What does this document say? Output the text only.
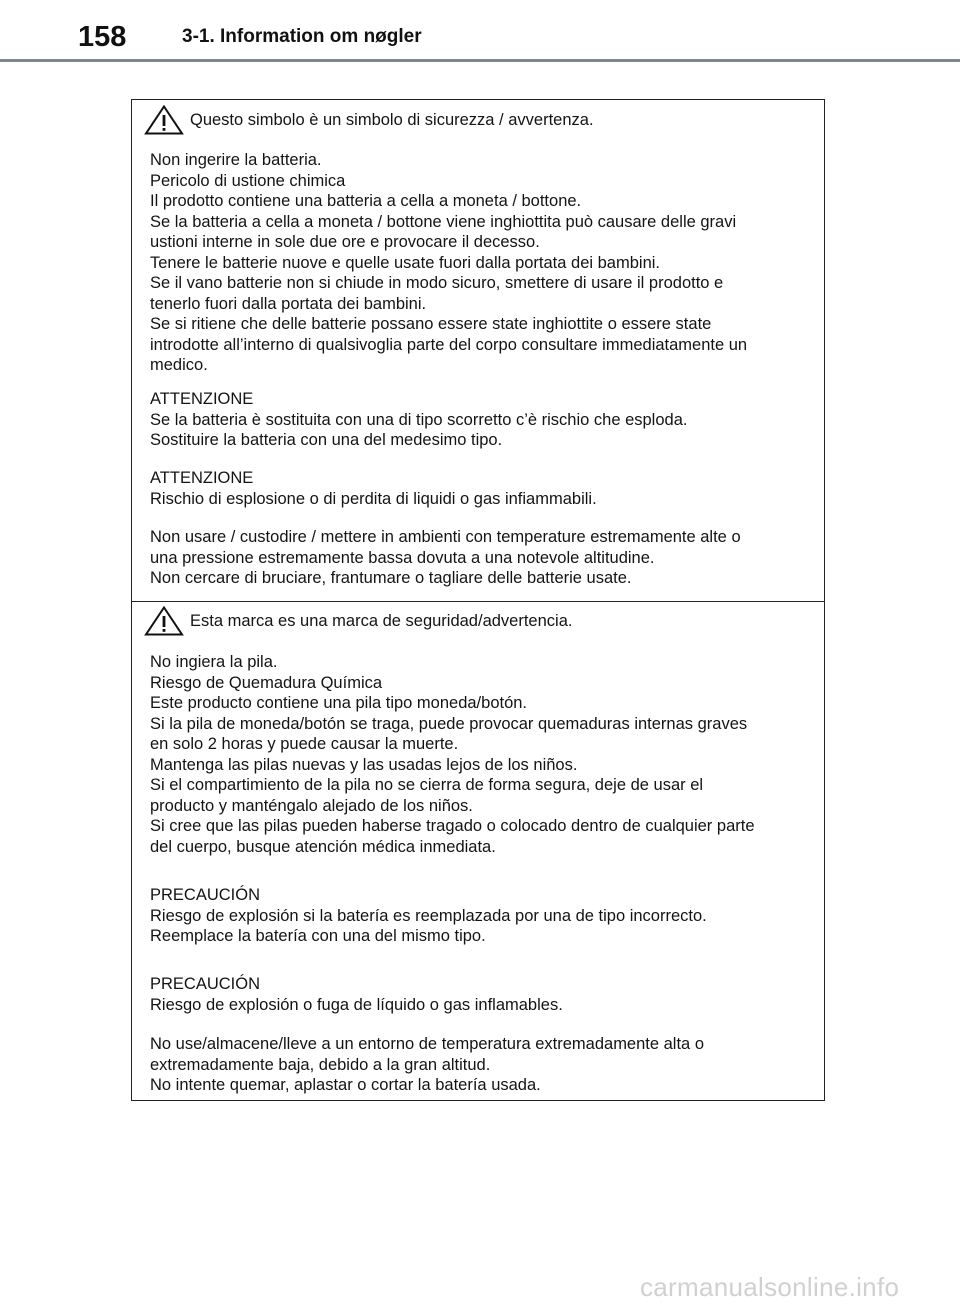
158	3-1. Information om nøgler
Questo simbolo è un simbolo di sicurezza / avvertenza.

Non ingerire la batteria.
Pericolo di ustione chimica
Il prodotto contiene una batteria a cella a moneta / bottone.
Se la batteria a cella a moneta / bottone viene inghiottita può causare delle gravi
ustioni interne in sole due ore e provocare il decesso.
Tenere le batterie nuove e quelle usate fuori dalla portata dei bambini.
Se il vano batterie non si chiude in modo sicuro, smettere di usare il prodotto e
tenerlo fuori dalla portata dei bambini.
Se si ritiene che delle batterie possano essere state inghiottite o essere state
introdotte all’interno di qualsivoglia parte del corpo consultare immediatamente un
medico.

ATTENZIONE
Se la batteria è sostituita con una di tipo scorretto c’è rischio che esploda.
Sostituire la batteria con una del medesimo tipo.

ATTENZIONE
Rischio di esplosione o di perdita di liquidi o gas infiammabili.

Non usare / custodire / mettere in ambienti con temperature estremamente alte o
una pressione estremamente bassa dovuta a una notevole altitudine.
Non cercare di bruciare, frantumare o tagliare delle batterie usate.

Esta marca es una marca de seguridad/advertencia.

No ingiera la pila.
Riesgo de Quemadura Química
Este producto contiene una pila tipo moneda/botón.
Si la pila de moneda/botón se traga, puede provocar quemaduras internas graves
en solo 2 horas y puede causar la muerte.
Mantenga las pilas nuevas y las usadas lejos de los niños.
Si el compartimiento de la pila no se cierra de forma segura, deje de usar el
producto y manténgalo alejado de los niños.
Si cree que las pilas pueden haberse tragado o colocado dentro de cualquier parte
del cuerpo, busque atención médica inmediata.

PRECAUCIÓN
Riesgo de explosión si la batería es reemplazada por una de tipo incorrecto.
Reemplace la batería con una del mismo tipo.

PRECAUCIÓN
Riesgo de explosión o fuga de líquido o gas inflamables.

No use/almacene/lleve a un entorno de temperatura extremadamente alta o
extremadamente baja, debido a la gran altitud.
No intente quemar, aplastar o cortar la batería usada.

carmanualsonline.info
